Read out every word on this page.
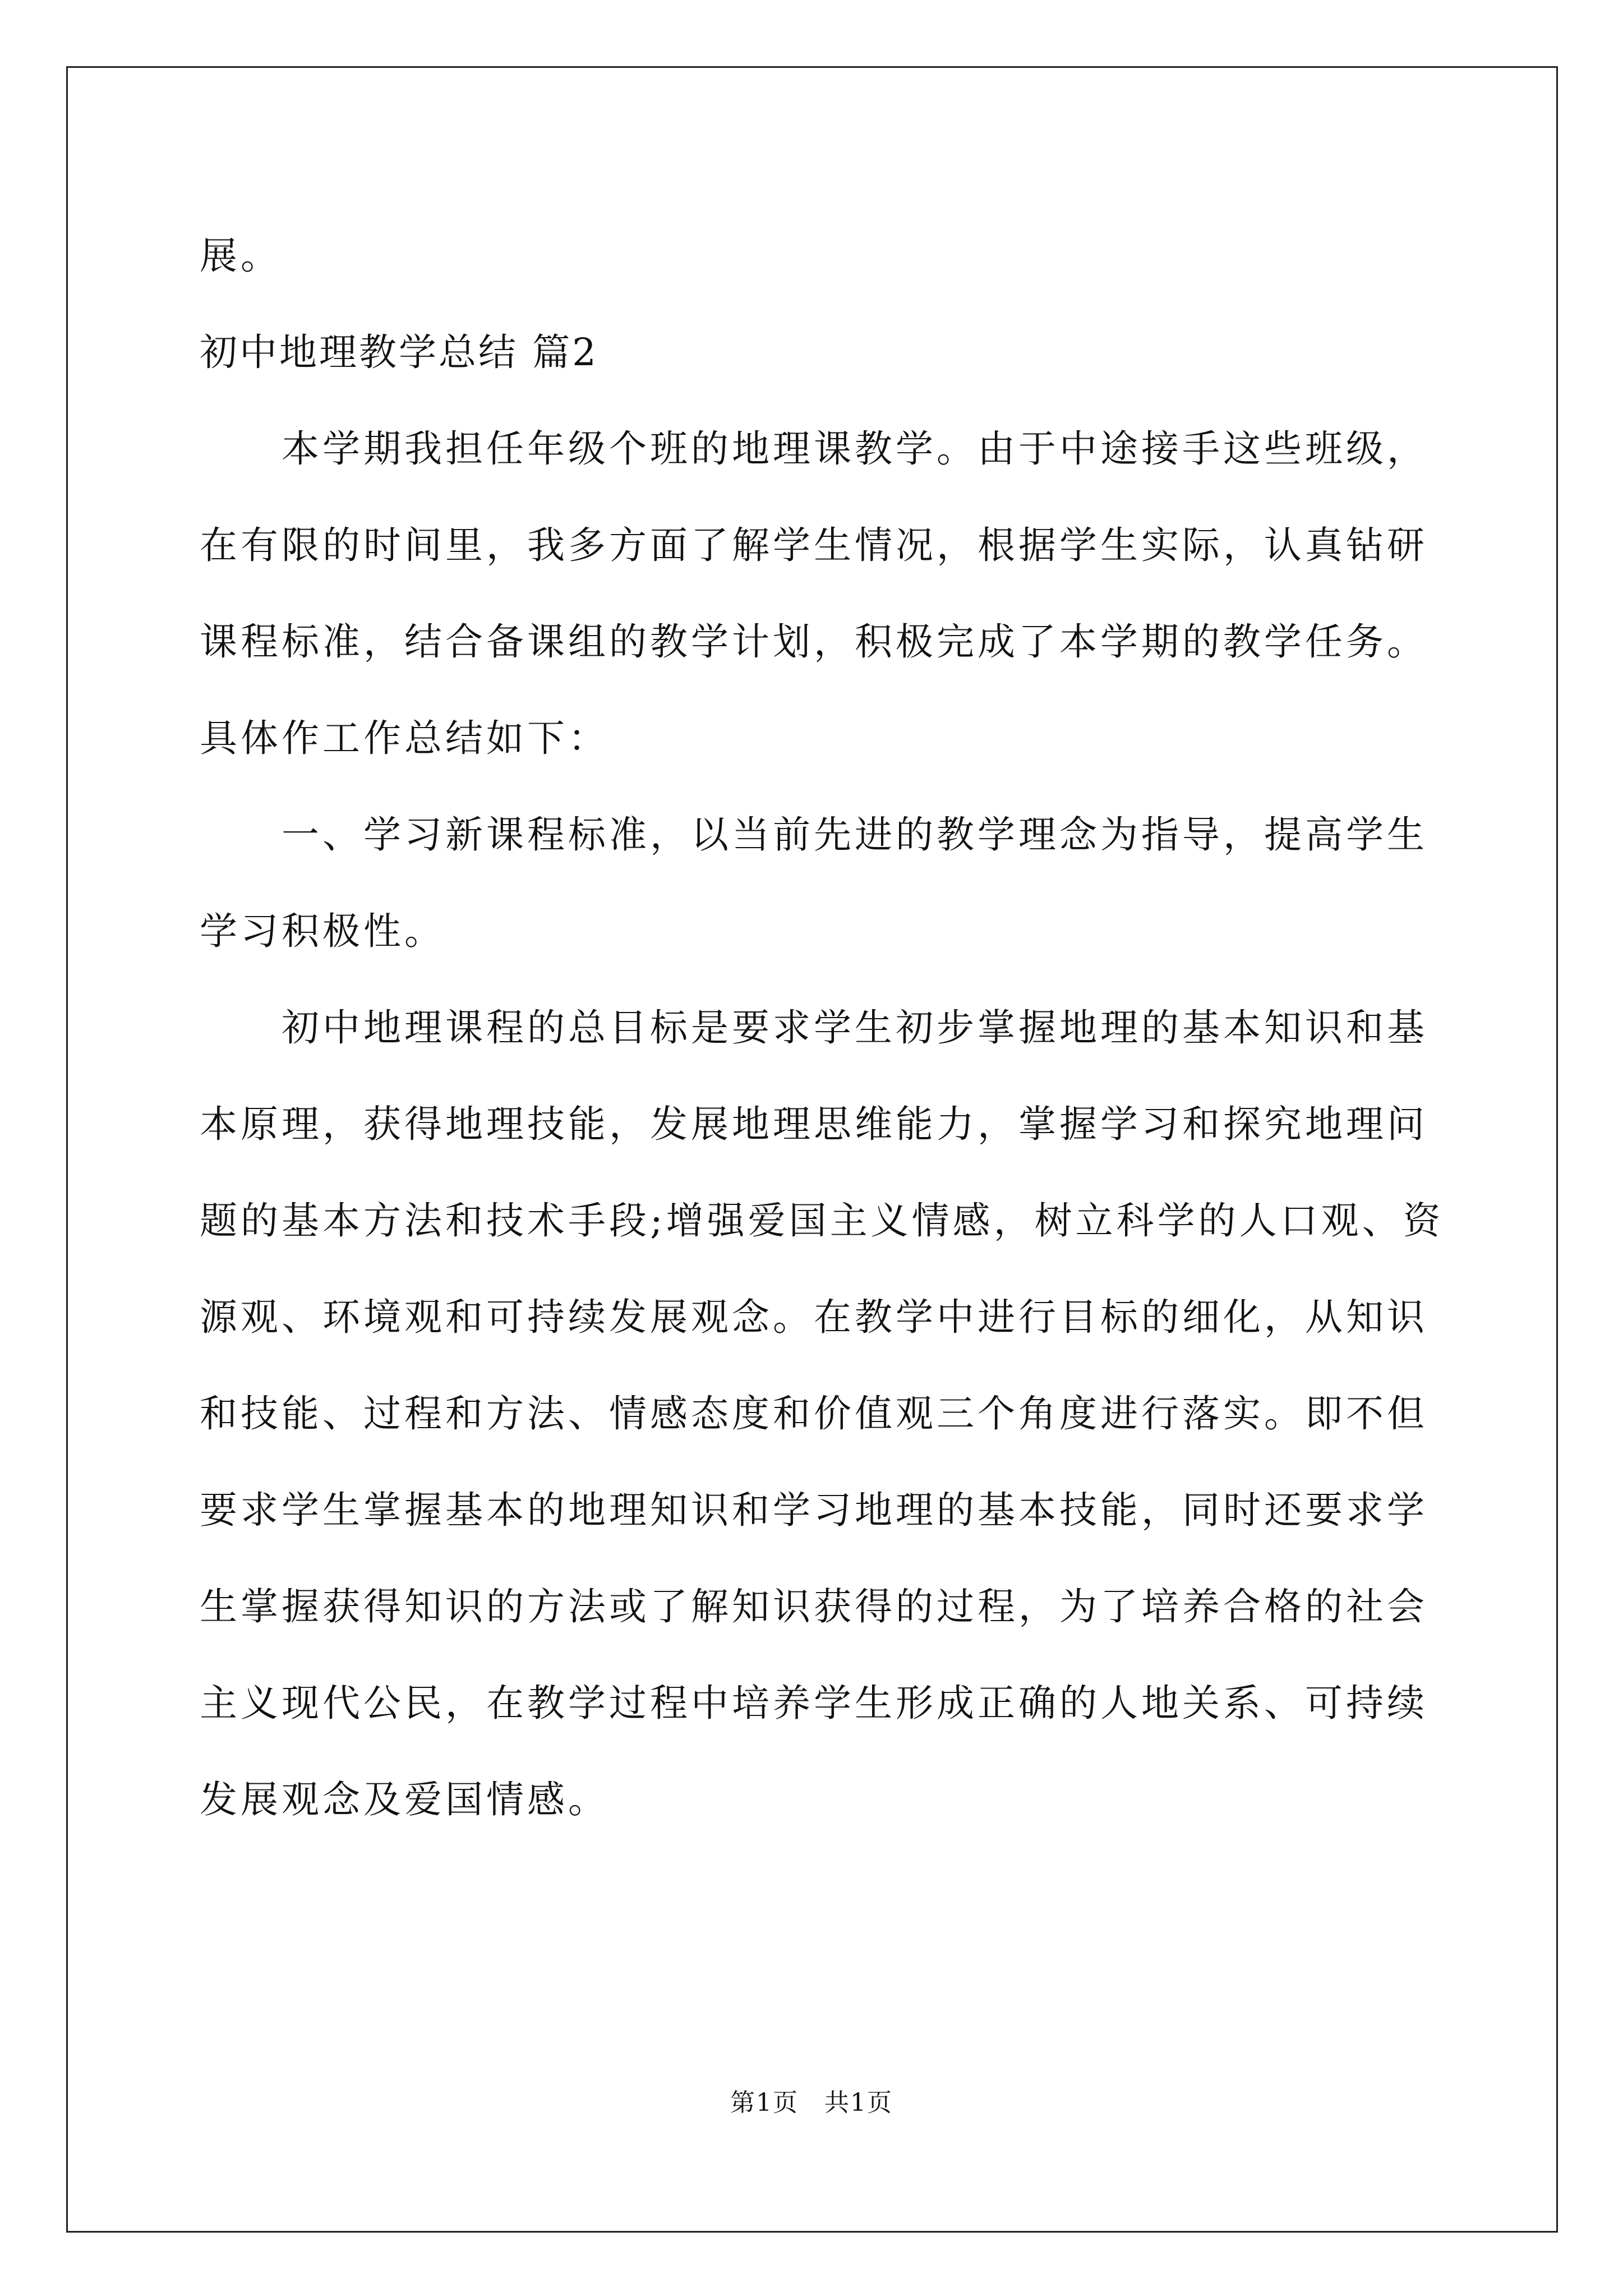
展。
初中地理教学总结 篇2
　　本学期我担任年级个班的地理课教学。由于中途接手这些班级，
在有限的时间里，我多方面了解学生情况，根据学生实际，认真钻研
课程标准，结合备课组的教学计划，积极完成了本学期的教学任务。
具体作工作总结如下：
　　一、学习新课程标准，以当前先进的教学理念为指导，提高学生
学习积极性。
　　初中地理课程的总目标是要求学生初步掌握地理的基本知识和基
本原理，获得地理技能，发展地理思维能力，掌握学习和探究地理问
题的基本方法和技术手段;增强爱国主义情感，树立科学的人口观、资
源观、环境观和可持续发展观念。在教学中进行目标的细化，从知识
和技能、过程和方法、情感态度和价值观三个角度进行落实。即不但
要求学生掌握基本的地理知识和学习地理的基本技能，同时还要求学
生掌握获得知识的方法或了解知识获得的过程，为了培养合格的社会
主义现代公民，在教学过程中培养学生形成正确的人地关系、可持续
发展观念及爱国情感。
第1页　共1页
